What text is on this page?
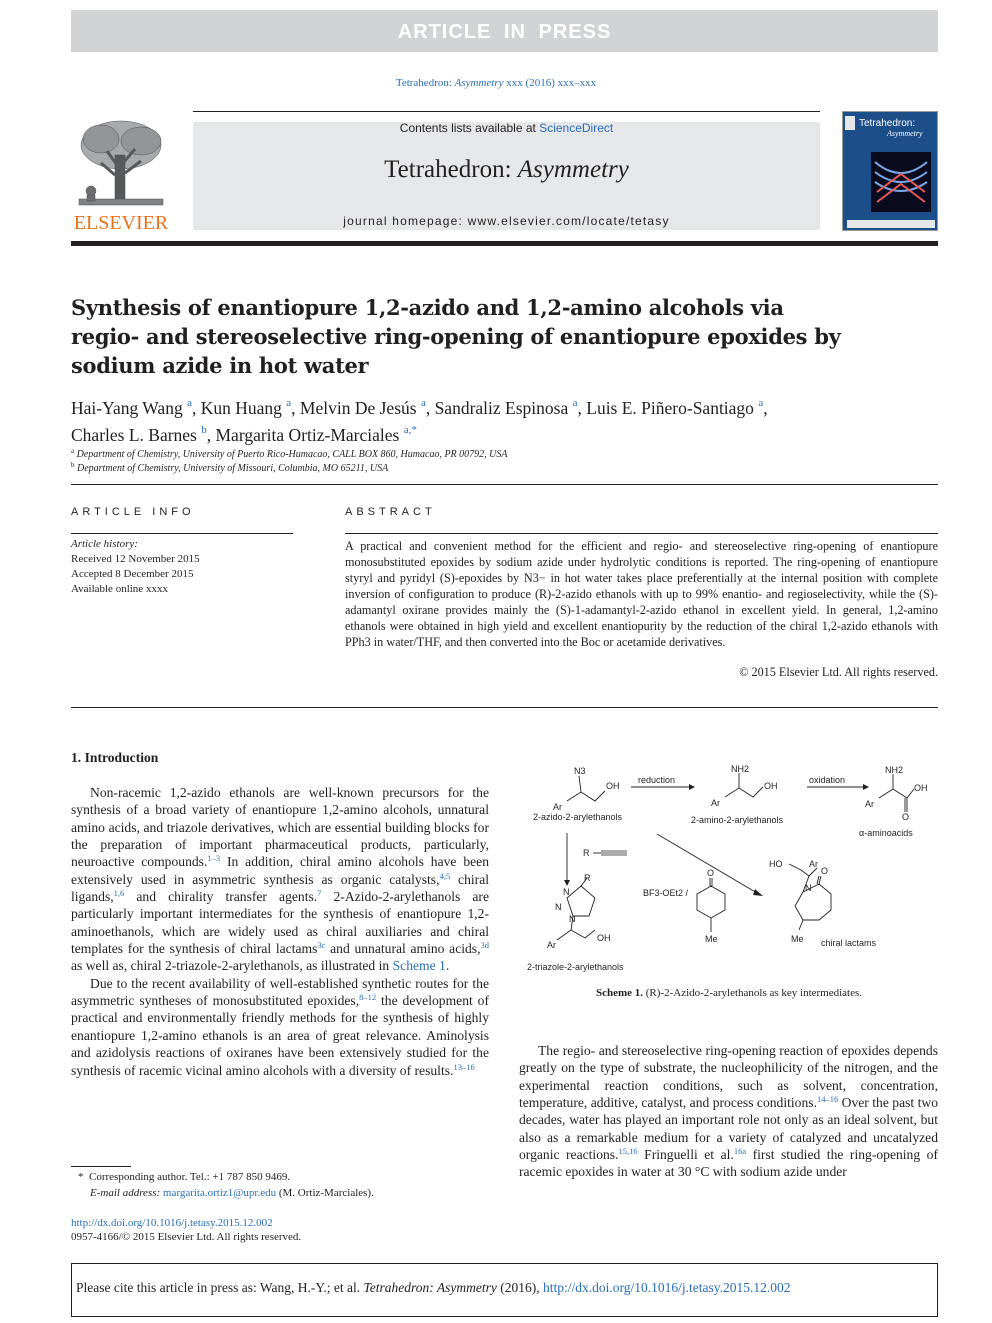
ARTICLE IN PRESS
Tetrahedron: Asymmetry xxx (2016) xxx–xxx
ELSEVIER
Contents lists available at ScienceDirect
Tetrahedron: Asymmetry
journal homepage: www.elsevier.com/locate/tetasy
Tetrahedron:
Asymmetry
Synthesis of enantiopure 1,2-azido and 1,2-amino alcohols via regio- and stereoselective ring-opening of enantiopure epoxides by sodium azide in hot water
Hai-Yang Wang $^a$, Kun Huang $^a$, Melvin De Jesús $^a$, Sandraliz Espinosa $^a$, Luis E. Piñero-Santiago $^a$,
Charles L. Barnes $^b$, Margarita Ortiz-Marciales $^{a,*}$
$^a$ Department of Chemistry, University of Puerto Rico-Humacao, CALL BOX 860, Humacao, PR 00792, USA
$^b$ Department of Chemistry, University of Missouri, Columbia, MO 65211, USA
ARTICLE INFO
Article history:
Received 12 November 2015
Accepted 8 December 2015
Available online xxxx
ABSTRACT
A practical and convenient method for the efficient and regio- and stereoselective ring-opening of enantiopure monosubstituted epoxides by sodium azide under hydrolytic conditions is reported. The ring-opening of enantiopure styryl and pyridyl (S)-epoxides by N3− in hot water takes place preferentially at the internal position with complete inversion of configuration to produce (R)-2-azido ethanols with up to 99% enantio- and regioselectivity, while the (S)-adamantyl oxirane provides mainly the (S)-1-adamantyl-2-azido ethanol in excellent yield. In general, 1,2-amino ethanols were obtained in high yield and excellent enantiopurity by the reduction of the chiral 1,2-azido ethanols with PPh3 in water/THF, and then converted into the Boc or acetamide derivatives.
© 2015 Elsevier Ltd. All rights reserved.
1. Introduction

Non-racemic 1,2-azido ethanols are well-known precursors for the synthesis of a broad variety of enantiopure 1,2-amino alcohols, unnatural amino acids, and triazole derivatives, which are essential building blocks for the preparation of important pharmaceutical products, particularly, neuroactive compounds.$^{1-3}$ In addition, chiral amino alcohols have been extensively used in asymmetric synthesis as organic catalysts,$^{4,5}$ chiral ligands,$^{1,6}$ and chirality transfer agents.$^7$ 2-Azido-2-arylethanols are particularly important intermediates for the synthesis of enantiopure 1,2-aminoethanols, which are widely used as chiral auxiliaries and chiral templates for the synthesis of chiral lactams$^{3c}$ and unnatural amino acids,$^{3d}$ as well as, chiral 2-triazole-2-arylethanols, as illustrated in Scheme 1.

Due to the recent availability of well-established synthetic routes for the asymmetric syntheses of monosubstituted epoxides,$^{8-12}$ the development of practical and environmentally friendly methods for the synthesis of highly enantiopure 1,2-amino ethanols is an area of great relevance. Aminolysis and azidolysis reactions of oxiranes have been extensively studied for the synthesis of racemic vicinal amino alcohols with a diversity of results.$^{13-16}$

N3
Ar
OH
2-azido-2-arylethanols
reduction
NH2
Ar
OH
2-amino-2-arylethanols
oxidation
NH2
Ar
OH
O
α-aminoacids
R
N
N
N
R
Ar
OH
2-triazole-2-arylethanols
BF3-OEt2 /
O
Me
N
O
HO	Ar
Me chiral lactams
Scheme 1. (R)-2-Azido-2-arylethanols as key intermediates.

The regio- and stereoselective ring-opening reaction of epoxides depends greatly on the type of substrate, the nucleophilicity of the nitrogen, and the experimental reaction conditions, such as solvent, concentration, temperature, additive, catalyst, and process conditions.$^{14-16}$ Over the past two decades, water has played an important role not only as an ideal solvent, but also as a remarkable medium for a variety of catalyzed and uncatalyzed organic reactions.$^{15,16}$ Fringuelli et al.$^{16a}$ first studied the ring-opening of racemic epoxides in water at 30 °C with sodium azide under

* Corresponding author. Tel.: +1 787 850 9469.
E-mail address: margarita.ortiz1@upr.edu (M. Ortiz-Marciales).
http://dx.doi.org/10.1016/j.tetasy.2015.12.002
0957-4166/© 2015 Elsevier Ltd. All rights reserved.
Please cite this article in press as: Wang, H.-Y.; et al. Tetrahedron: Asymmetry (2016), http://dx.doi.org/10.1016/j.tetasy.2015.12.002
